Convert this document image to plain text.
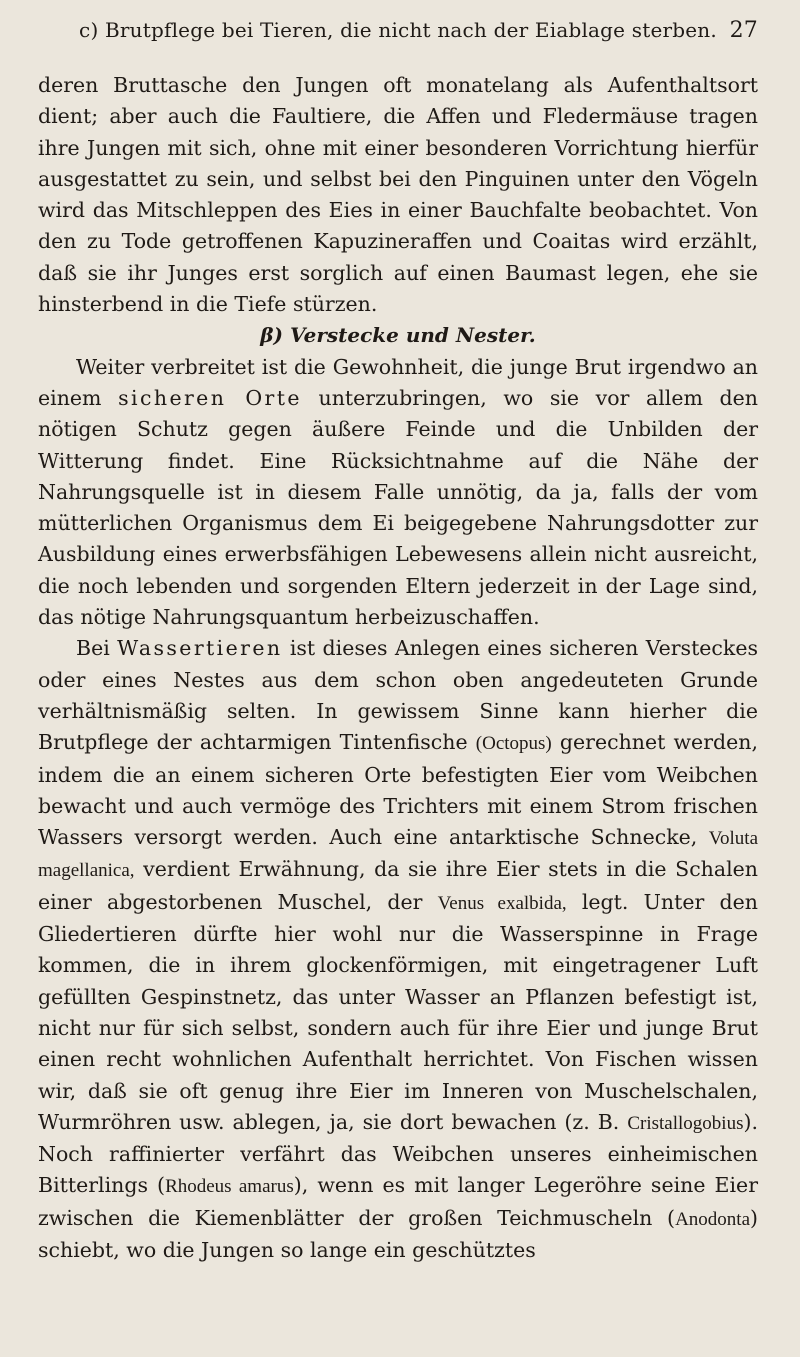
c) Brutpflege bei Tieren, die nicht nach der Eiablage sterben. 27

deren Bruttasche den Jungen oft monatelang als Aufenthaltsort dient; aber auch die Faultiere, die Affen und Fledermäuse tragen ihre Jungen mit sich, ohne mit einer besonderen Vorrichtung hierfür ausgestattet zu sein, und selbst bei den Pinguinen unter den Vögeln wird das Mitschleppen des Eies in einer Bauchfalte beobachtet. Von den zu Tode getroffenen Kapuzineraffen und Coaitas wird erzählt, daß sie ihr Junges erst sorglich auf einen Baumast legen, ehe sie hinsterbend in die Tiefe stürzen.

β) Verstecke und Nester.

Weiter verbreitet ist die Gewohnheit, die junge Brut irgendwo an einem sicheren Orte unterzubringen, wo sie vor allem den nötigen Schutz gegen äußere Feinde und die Unbilden der Witterung findet. Eine Rücksichtnahme auf die Nähe der Nahrungsquelle ist in diesem Falle unnötig, da ja, falls der vom mütterlichen Organismus dem Ei beigegebene Nahrungsdotter zur Ausbildung eines erwerbsfähigen Lebewesens allein nicht ausreicht, die noch lebenden und sorgenden Eltern jederzeit in der Lage sind, das nötige Nahrungsquantum herbeizuschaffen.

Bei Wassertieren ist dieses Anlegen eines sicheren Versteckes oder eines Nestes aus dem schon oben angedeuteten Grunde verhältnismäßig selten. In gewissem Sinne kann hierher die Brutpflege der achtarmigen Tintenfische (Octopus) gerechnet werden, indem die an einem sicheren Orte befestigten Eier vom Weibchen bewacht und auch vermöge des Trichters mit einem Strom frischen Wassers versorgt werden. Auch eine antarktische Schnecke, Voluta magellanica, verdient Erwähnung, da sie ihre Eier stets in die Schalen einer abgestorbenen Muschel, der Venus exalbida, legt. Unter den Gliedertieren dürfte hier wohl nur die Wasserspinne in Frage kommen, die in ihrem glockenförmigen, mit eingetragener Luft gefüllten Gespinstnetz, das unter Wasser an Pflanzen befestigt ist, nicht nur für sich selbst, sondern auch für ihre Eier und junge Brut einen recht wohnlichen Aufenthalt herrichtet. Von Fischen wissen wir, daß sie oft genug ihre Eier im Inneren von Muschelschalen, Wurmröhren usw. ablegen, ja, sie dort bewachen (z. B. Cristallogobius). Noch raffinierter verfährt das Weibchen unseres einheimischen Bitterlings (Rhodeus amarus), wenn es mit langer Legeröhre seine Eier zwischen die Kiemenblätter der großen Teichmuscheln (Anodonta) schiebt, wo die Jungen so lange ein geschütztes
